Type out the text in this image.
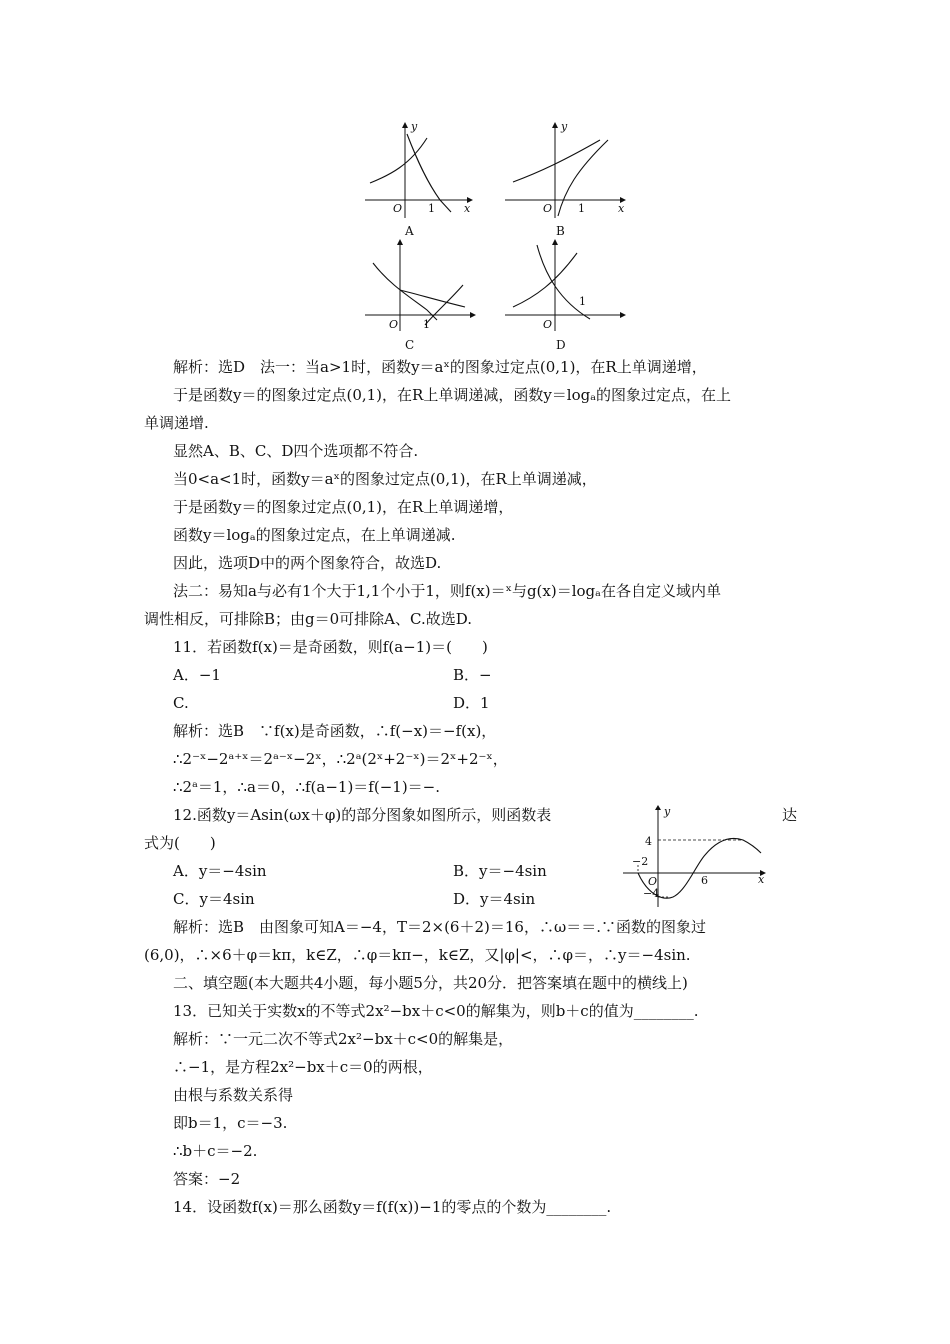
y
x
O 1
A
y
x
O 1
B
O 1
C
O
1
D
解析：选D　法一：当a>1时，函数y＝aˣ的图象过定点(0,1)，在R上单调递增，
于是函数y＝的图象过定点(0,1)，在R上单调递减，函数y＝logₐ的图象过定点，在上
单调递增.
显然A、B、C、D四个选项都不符合.
当0<a<1时，函数y＝aˣ的图象过定点(0,1)，在R上单调递减，
于是函数y＝的图象过定点(0,1)，在R上单调递增，
函数y＝logₐ的图象过定点，在上单调递减.
因此，选项D中的两个图象符合，故选D.
法二：易知a与必有1个大于1,1个小于1，则f(x)＝ˣ与g(x)＝logₐ在各自定义域内单
调性相反，可排除B；由g＝0可排除A、C.故选D.
11．若函数f(x)＝是奇函数，则f(a−1)＝(　　)
A．−1	B．−
C.	D．1
解析：选B　∵f(x)是奇函数，∴f(−x)＝−f(x)，
∴2⁻ˣ−2ᵃ⁺ˣ＝2ᵃ⁻ˣ−2ˣ，∴2ᵃ(2ˣ+2⁻ˣ)＝2ˣ+2⁻ˣ，
∴2ᵃ＝1，∴a＝0，∴f(a−1)＝f(−1)＝−.
12.函数y＝Asin(ωx＋φ)的部分图象如图所示，则函数表	达
式为(　　)
A．y＝−4sin	B．y＝−4sin
C．y＝4sin	D．y＝4sin
4
−2
O
−4
6	x
y
解析：选B　由图象可知A＝−4，T＝2×(6＋2)＝16，∴ω＝＝.∵函数的图象过
(6,0)，∴×6＋φ＝kπ，k∈Z，∴φ＝kπ−，k∈Z，又|φ|<，∴φ＝，∴y＝−4sin.
二、填空题(本大题共4小题，每小题5分，共20分．把答案填在题中的横线上)
13．已知关于实数x的不等式2x²−bx＋c<0的解集为，则b＋c的值为________.
解析：∵一元二次不等式2x²−bx＋c<0的解集是，
∴−1，是方程2x²−bx＋c＝0的两根，
由根与系数关系得
即b＝1，c＝−3.
∴b＋c＝−2.
答案：−2
14．设函数f(x)＝那么函数y＝f(f(x))−1的零点的个数为________.
